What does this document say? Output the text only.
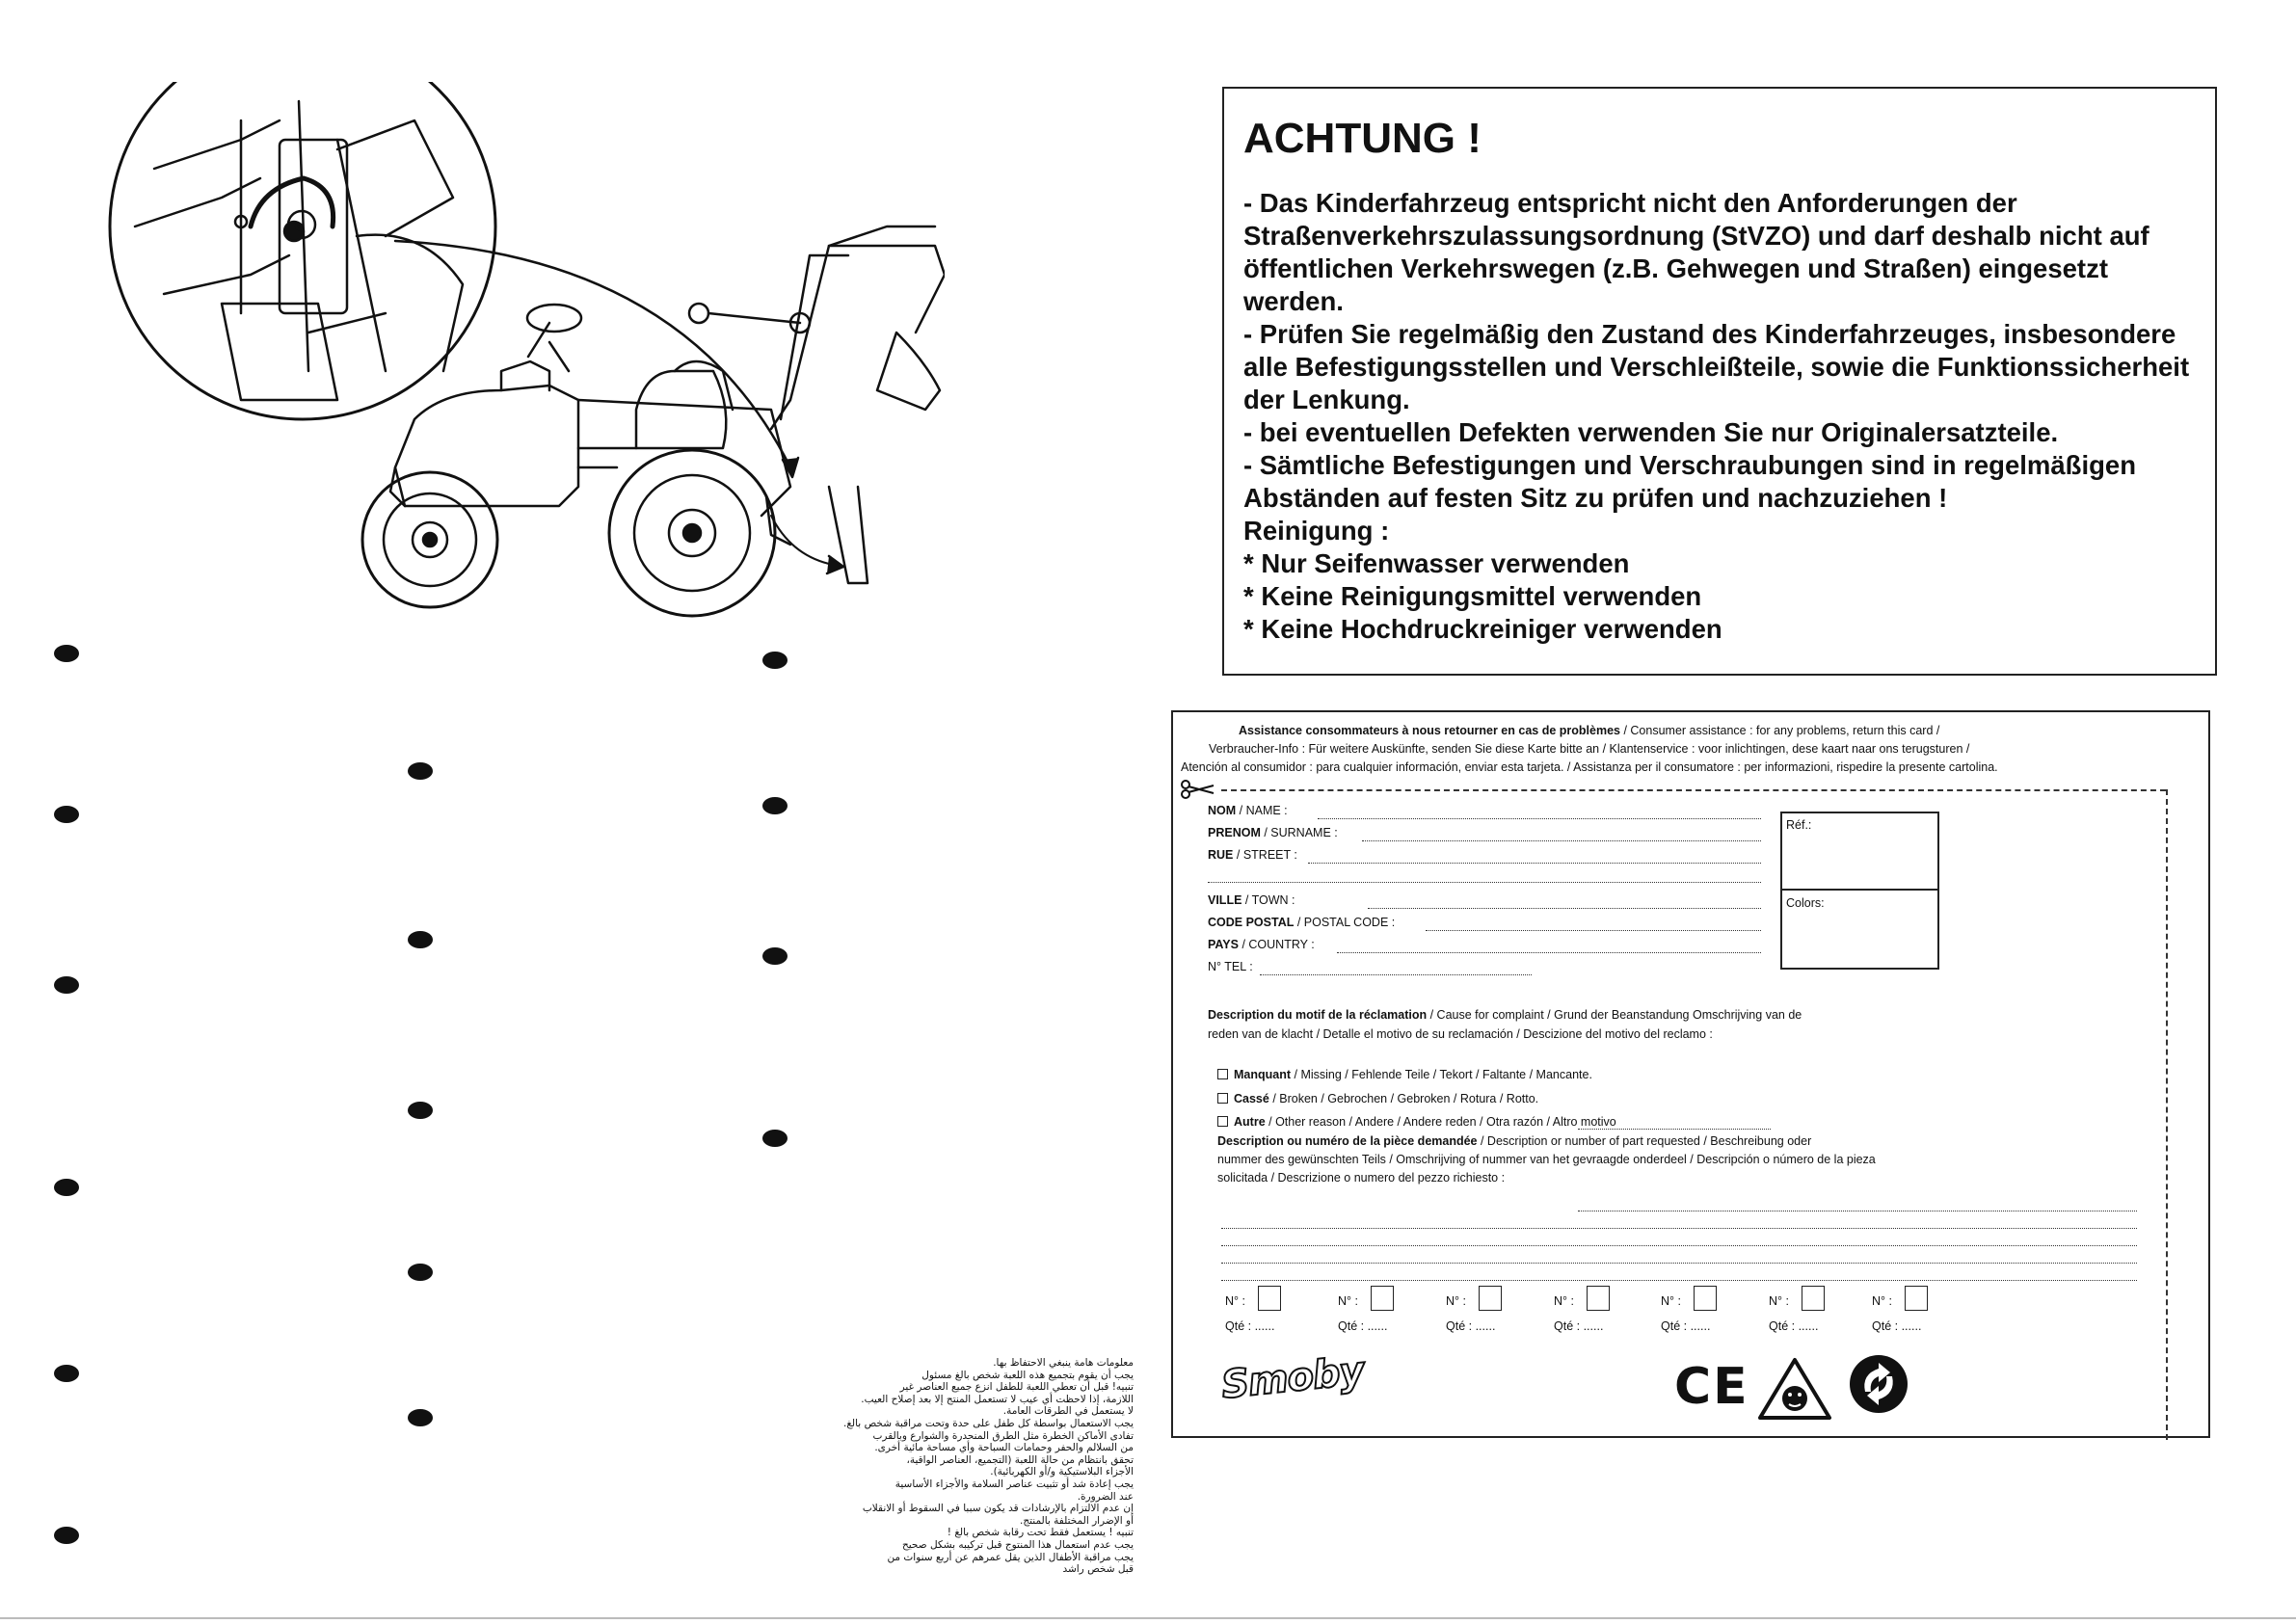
ACHTUNG !
- Das Kinderfahrzeug entspricht nicht den Anforderungen der
Straßenverkehrszulassungsordnung (StVZO) und darf deshalb nicht auf
öffentlichen Verkehrswegen (z.B. Gehwegen und Straßen) eingesetzt
werden.
- Prüfen Sie regelmäßig den Zustand des Kinderfahrzeuges, insbesondere
alle Befestigungsstellen und Verschleißteile, sowie die Funktionssicherheit
der Lenkung.
- bei eventuellen Defekten verwenden Sie nur Originalersatzteile.
- Sämtliche Befestigungen und Verschraubungen sind in regelmäßigen
Abständen auf festen Sitz zu prüfen und nachzuziehen !
Reinigung :
* Nur Seifenwasser verwenden
* Keine Reinigungsmittel verwenden
* Keine Hochdruckreiniger verwenden
Assistance consommateurs à nous retourner en cas de problèmes / Consumer assistance : for any problems, return this card /
Verbraucher-Info : Für weitere Auskünfte, senden Sie diese Karte bitte an / Klantenservice : voor inlichtingen, dese kaart naar ons terugsturen /
Atención al consumidor : para cualquier información, enviar esta tarjeta. / Assistanza per il consumatore : per informazioni, rispedire la presente cartolina.
NOM / NAME :
PRENOM / SURNAME :
RUE / STREET :
VILLE / TOWN :
CODE POSTAL / POSTAL CODE :
PAYS / COUNTRY :
N° TEL :
Réf.:
Colors:
Description du motif de la réclamation / Cause for complaint / Grund der Beanstandung Omschrijving van de
reden van de klacht / Detalle el motivo de su reclamación / Descizione del motivo del reclamo :
Manquant / Missing / Fehlende Teile / Tekort / Faltante / Mancante.
Cassé / Broken / Gebrochen / Gebroken / Rotura / Rotto.
Autre / Other reason / Andere / Andere reden / Otra razón / Altro motivo
Description ou numéro de la pièce demandée / Description or number of part requested / Beschreibung oder
nummer des gewünschten Teils / Omschrijving of nummer van het gevraagde onderdeel / Descripción o número de la pieza
solicitada / Descrizione o numero del pezzo richiesto :
N° :
Qté : ......
N° :
Qté : ......
N° :
Qté : ......
N° :
Qté : ......
N° :
Qté : ......
N° :
Qté : ......
N° :
Qté : ......
Smoby	CE
معلومات هامة ينبغي الاحتفاظ بها.
يجب أن يقوم بتجميع هذه اللعبة شخص بالغ مسئول
تنبيه! قبل أن تعطي اللعبة للطفل انزع جميع العناصر غير
اللازمة، إذا لاحظت أي عيب لا تستعمل المنتج إلا بعد إصلاح العيب.
لا يستعمل في الطرقات العامة.
يجب الاستعمال بواسطة كل طفل على حدة وتحت مراقبة شخص بالغ.
تفادى الأماكن الخطرة مثل الطرق المنحدرة والشوارع وبالقرب
من السلالم والحفر وحمامات السباحة وأي مساحة مائية أخرى.
تحقق بانتظام من حالة اللعبة (التجميع، العناصر الواقية،
الأجزاء البلاستيكية و/أو الكهربائية).
يجب إعادة شد أو تثبيت عناصر السلامة والأجزاء الأساسية
عند الضرورة.
إن عدم الالتزام بالإرشادات قد يكون سببا في السقوط أو الانقلاب
أو الإضرار المختلفة بالمنتج.
تنبيه ! يستعمل فقط تحت رقابة شخص بالغ !
يجب عدم استعمال هذا المنتوج قبل تركيبه بشكل صحيح
يجب مراقبة الأطفال الذين يقل عمرهم عن أربع سنوات من
قبل شخص راشد
